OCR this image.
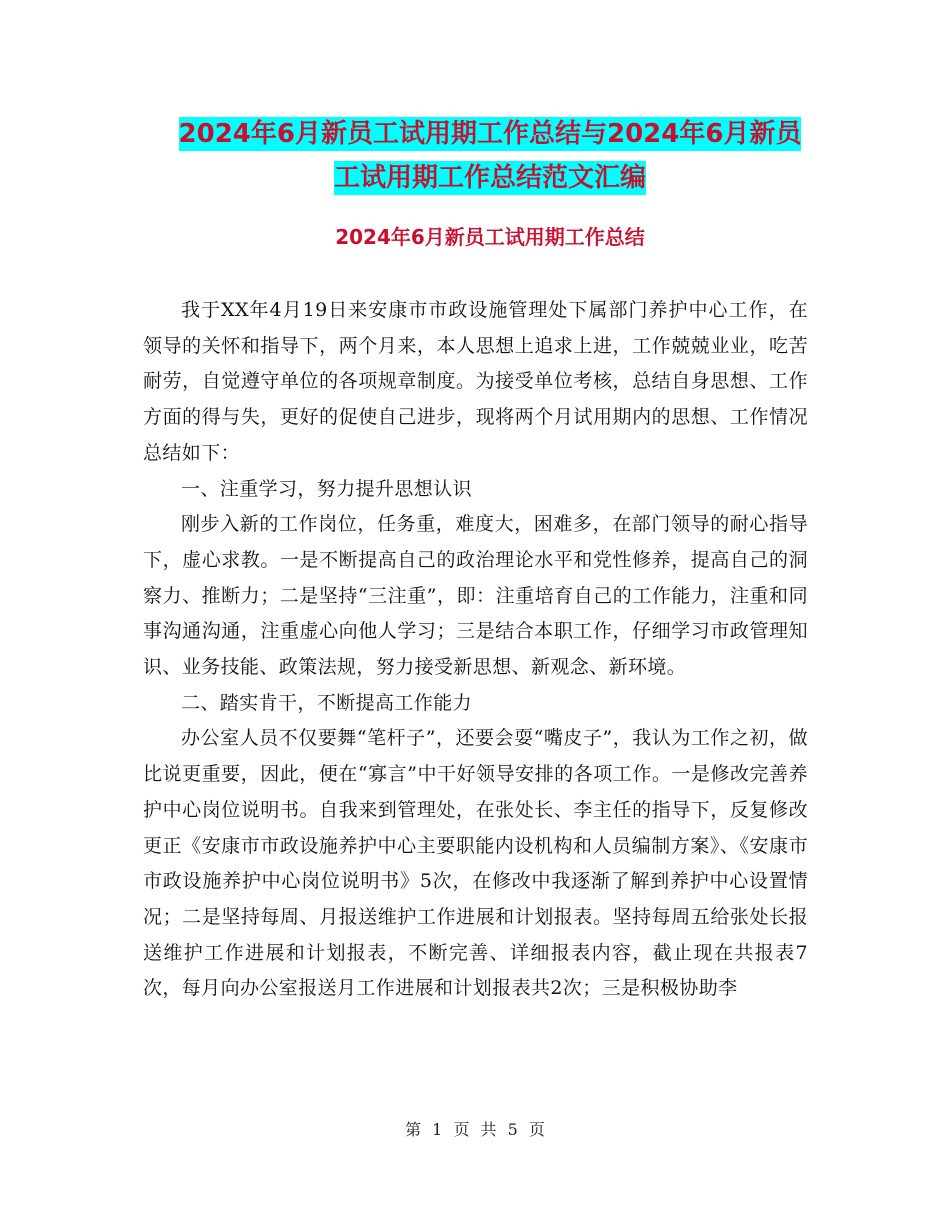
2024年6月新员工试用期工作总结与2024年6月新员
工试用期工作总结范文汇编
2024年6月新员工试用期工作总结

我于XX年4月19日来安康市市政设施管理处下属部门养护中心工作，在领导的关怀和指导下，两个月来，本人思想上追求上进，工作兢兢业业，吃苦耐劳，自觉遵守单位的各项规章制度。为接受单位考核，总结自身思想、工作方面的得与失，更好的促使自己进步，现将两个月试用期内的思想、工作情况总结如下：

一、注重学习，努力提升思想认识

刚步入新的工作岗位，任务重，难度大，困难多，在部门领导的耐心指导下，虚心求教。一是不断提高自己的政治理论水平和党性修养，提高自己的洞察力、推断力；二是坚持“三注重”，即：注重培育自己的工作能力，注重和同事沟通沟通，注重虚心向他人学习；三是结合本职工作，仔细学习市政管理知识、业务技能、政策法规，努力接受新思想、新观念、新环境。

二、踏实肯干，不断提高工作能力

办公室人员不仅要舞“笔杆子”，还要会耍“嘴皮子”，我认为工作之初，做比说更重要，因此，便在“寡言”中干好领导安排的各项工作。一是修改完善养护中心岗位说明书。自我来到管理处，在张处长、李主任的指导下，反复修改更正《安康市市政设施养护中心主要职能内设机构和人员编制方案》、《安康市市政设施养护中心岗位说明书》5次，在修改中我逐渐了解到养护中心设置情况；二是坚持每周、月报送维护工作进展和计划报表。坚持每周五给张处长报送维护工作进展和计划报表，不断完善、详细报表内容，截止现在共报表7次，每月向办公室报送月工作进展和计划报表共2次；三是积极协助李

第 1 页 共 5 页
